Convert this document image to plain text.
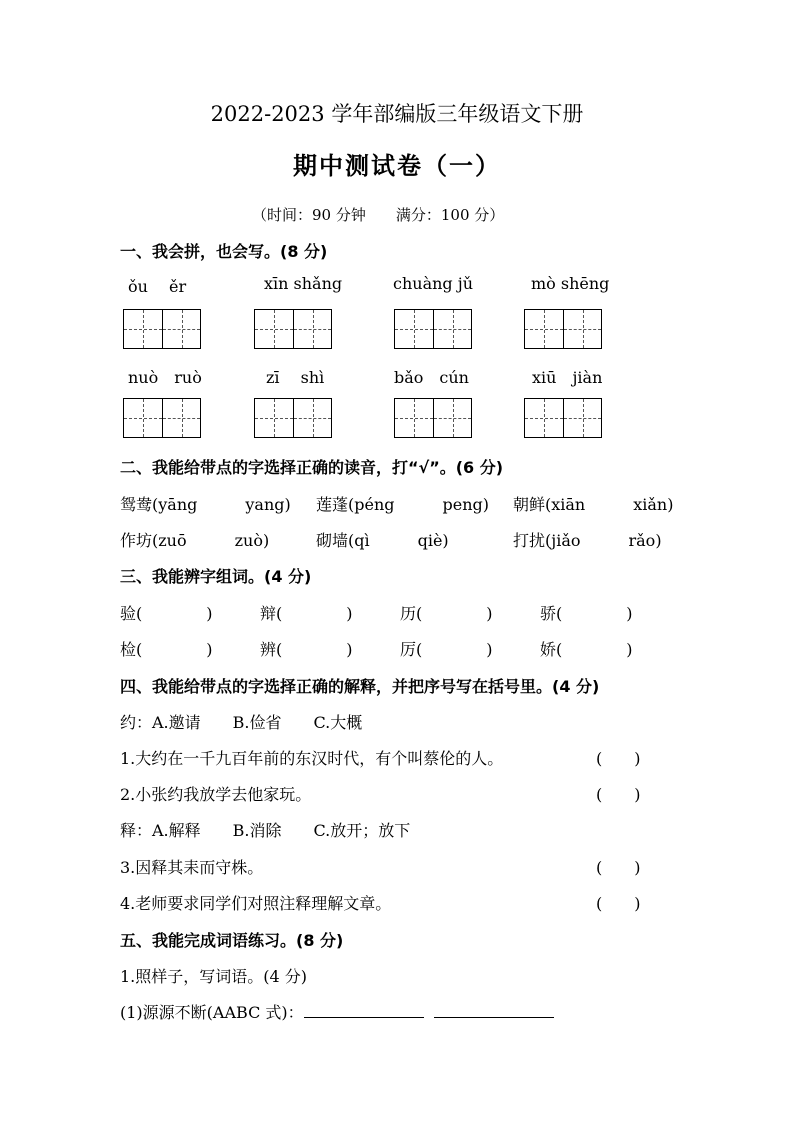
2022-2023 学年部编版三年级语文下册
期中测试卷（一）
（时间：90 分钟 满分：100 分）
一、我会拼，也会写。(8 分)
ǒu　 ěr	xīn shǎng	chuàng jǔ	mò shēng
nuò　ruò	zī　 shì	bǎo　cún	xiū　jiàn
二、我能给带点的字选择正确的读音，打“√”。(6 分)
鸳鸯(yāng　　　yang) 莲蓬(péng　　　peng) 朝鲜(xiān　　　xiǎn)
作坊(zuō　　　zuò)	砌墙(qì　　　qiè)	打扰(jiǎo　　　rǎo)
三、我能辨字组词。(4 分)
验(　　　　)	辩(　　　　)	历(　　　　)	骄(　　　　)
检(　　　　)	辨(　　　　)	厉(　　　　)	娇(　　　　)
四、我能给带点的字选择正确的解释，并把序号写在括号里。(4 分)
约：A.邀请　　B.俭省　　C.大概
1.大约在一千九百年前的东汉时代，有个叫蔡伦的人。	(　　)
2.小张约我放学去他家玩。	(　　)
释：A.解释　　B.消除　　C.放开；放下
3.因释其耒而守株。	(　　)
4.老师要求同学们对照注释理解文章。	(　　)
五、我能完成词语练习。(8 分)
1.照样子，写词语。(4 分)
(1)源源不断(AABC 式)：
